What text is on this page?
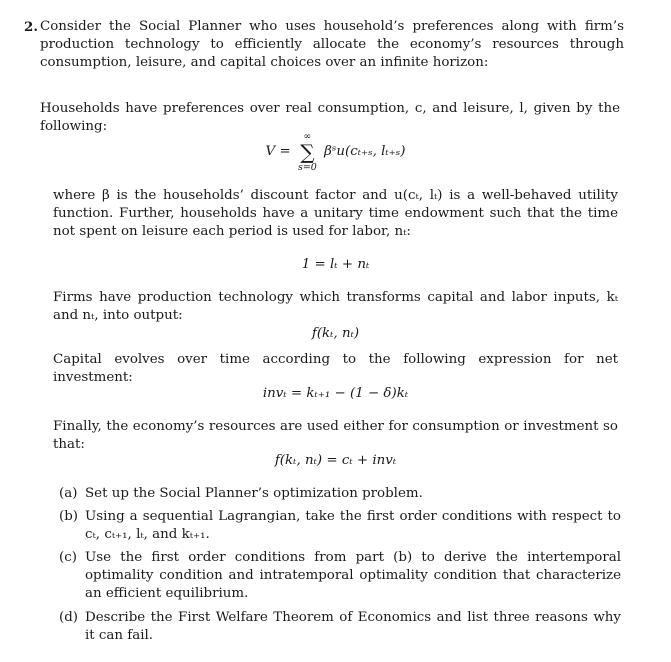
2. Consider the Social Planner who uses household’s preferences along with firm’s production technology to efficiently allocate the economy’s resources through consumption, leisure, and capital choices over an infinite horizon:
Households have preferences over real consumption, c, and leisure, l, given by the following:
V =
∞
∑
s=0
βˢu(cₜ₊ₛ, lₜ₊ₛ)
where β is the households’ discount factor and u(cₜ, lₜ) is a well-behaved utility function. Further, households have a unitary time endowment such that the time not spent on leisure each period is used for labor, nₜ:
1 = lₜ + nₜ
Firms have production technology which transforms capital and labor inputs, kₜ and nₜ, into output:
f(kₜ, nₜ)
Capital evolves over time according to the following expression for net investment:
invₜ = kₜ₊₁ − (1 − δ)kₜ
Finally, the economy’s resources are used either for consumption or investment so that:
f(kₜ, nₜ) = cₜ + invₜ
(a) Set up the Social Planner’s optimization problem.
(b) Using a sequential Lagrangian, take the first order conditions with respect to cₜ, cₜ₊₁, lₜ, and kₜ₊₁.
(c) Use the first order conditions from part (b) to derive the intertemporal optimality condition and intratemporal optimality condition that characterize an efficient equilibrium.
(d) Describe the First Welfare Theorem of Economics and list three reasons why it can fail.
